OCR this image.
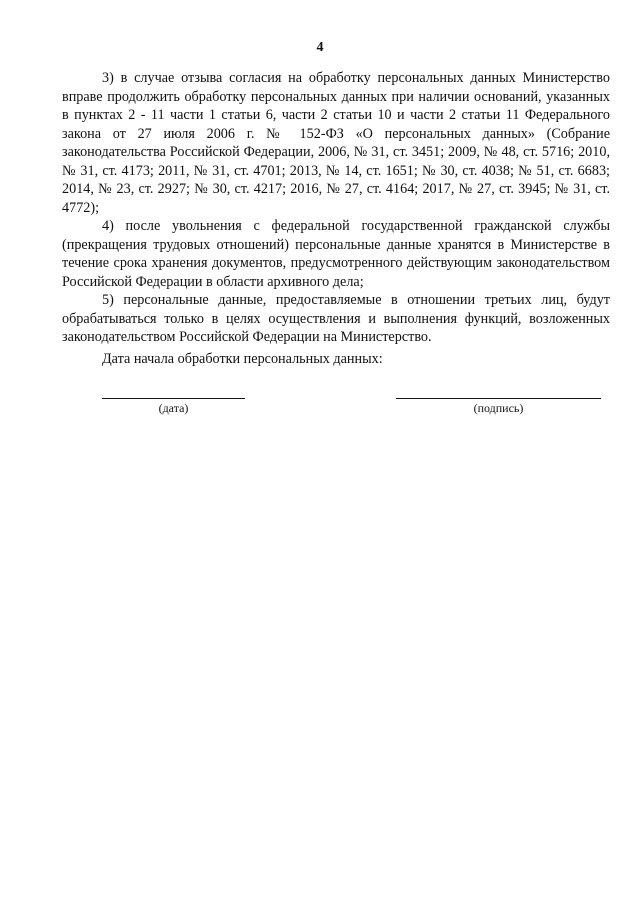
4

3) в случае отзыва согласия на обработку персональных данных Министерство вправе продолжить обработку персональных данных при наличии оснований, указанных в пунктах 2 - 11 части 1 статьи 6, части 2 статьи 10 и части 2 статьи 11 Федерального закона от 27 июля 2006 г. № 152-ФЗ «О персональных данных» (Собрание законодательства Российской Федерации, 2006, № 31, ст. 3451; 2009, № 48, ст. 5716; 2010, № 31, ст. 4173; 2011, № 31, ст. 4701; 2013, № 14, ст. 1651; № 30, ст. 4038; № 51, ст. 6683; 2014, № 23, ст. 2927; № 30, ст. 4217; 2016, № 27, ст. 4164; 2017, № 27, ст. 3945; № 31, ст. 4772);

4) после увольнения с федеральной государственной гражданской службы (прекращения трудовых отношений) персональные данные хранятся в Министерстве в течение срока хранения документов, предусмотренного действующим законодательством Российской Федерации в области архивного дела;

5) персональные данные, предоставляемые в отношении третьих лиц, будут обрабатываться только в целях осуществления и выполнения функций, возложенных законодательством Российской Федерации на Министерство.

Дата начала обработки персональных данных:
(дата)	(подпись)
